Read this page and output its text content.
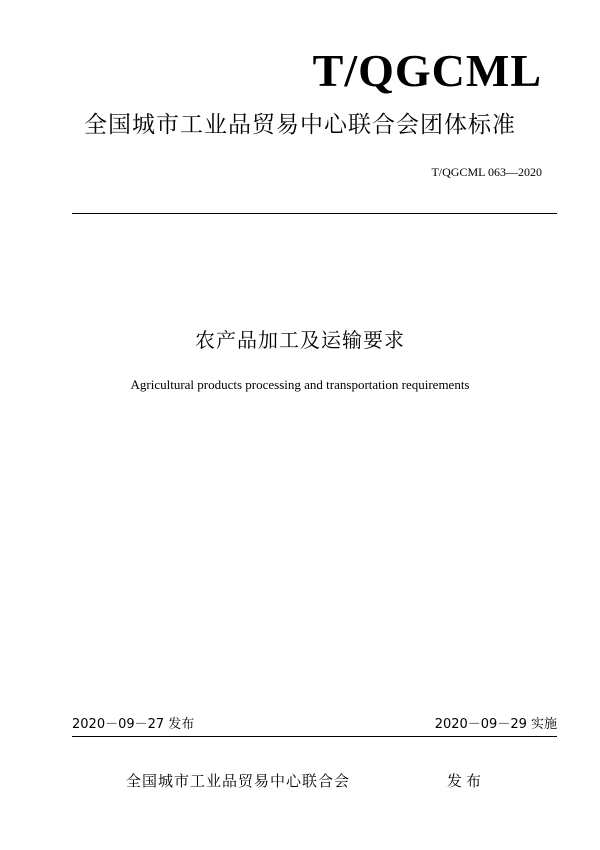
T/QGCML
全国城市工业品贸易中心联合会团体标准
T/QGCML 063—2020
农产品加工及运输要求
Agricultural products processing and transportation requirements
2020－09－27 发布	2020－09－29 实施
全国城市工业品贸易中心联合会	发布
